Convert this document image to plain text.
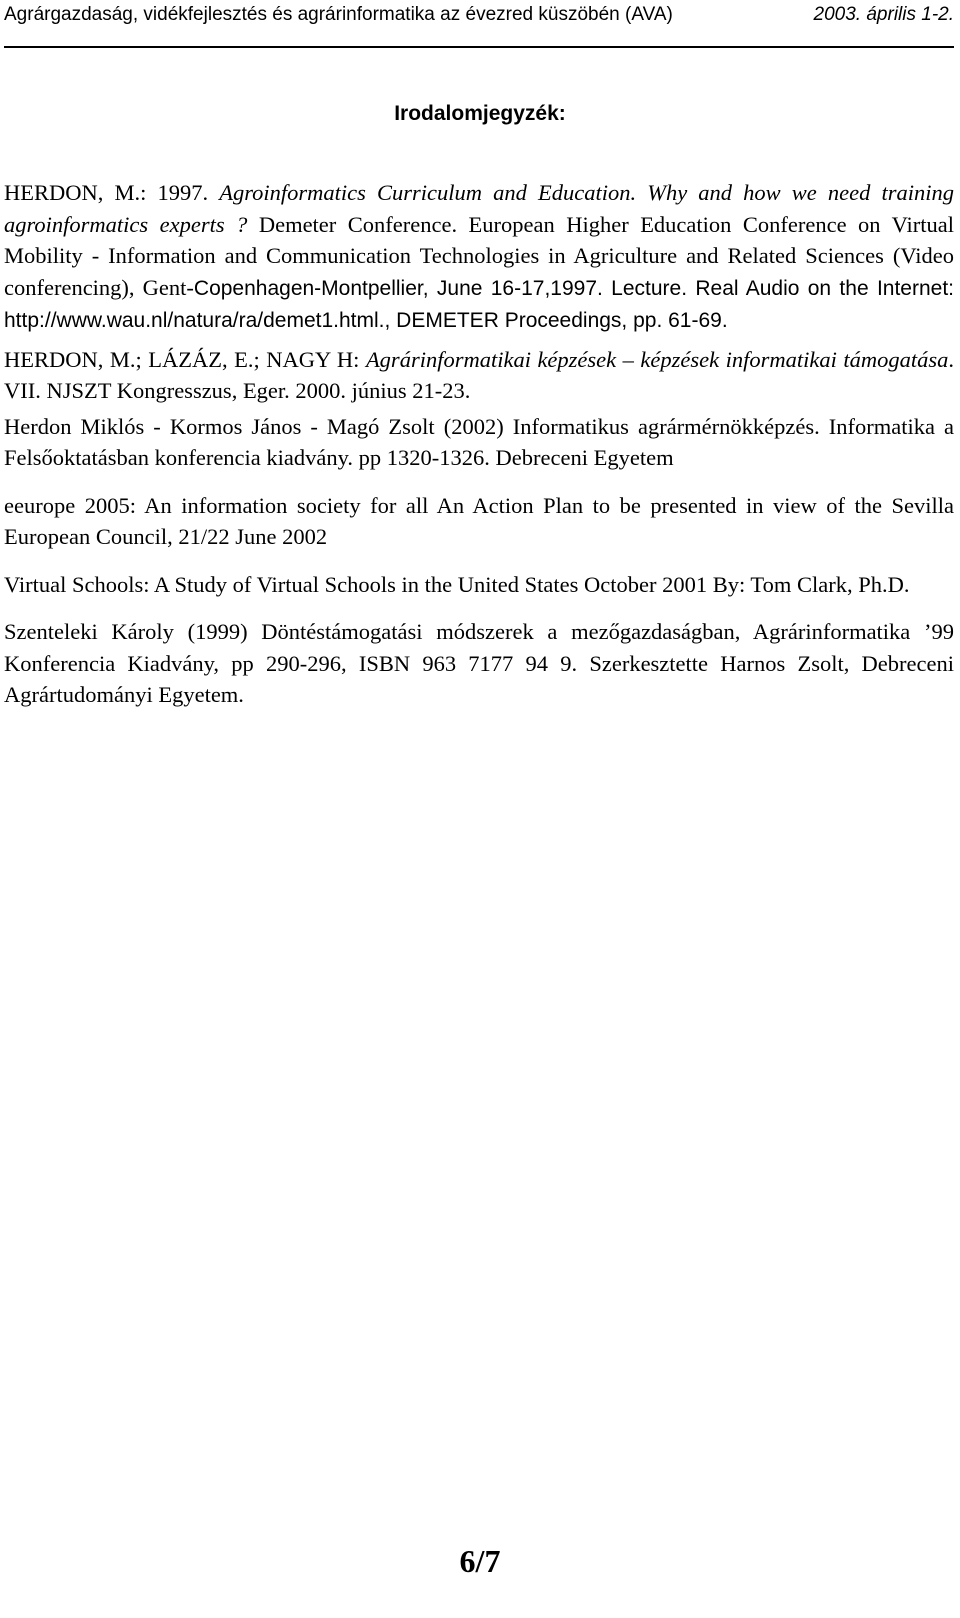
Agrárgazdaság, vidékfejlesztés és agrárinformatika az évezred küszöbén (AVA)	2003. április 1-2.
Irodalomjegyzék:

HERDON, M.: 1997. Agroinformatics Curriculum and Education. Why and how we need training agroinformatics experts ? Demeter Conference. European Higher Education Conference on Virtual Mobility - Information and Communication Technologies in Agriculture and Related Sciences (Video conferencing), Gent-Copenhagen-Montpellier, June 16-17,1997. Lecture. Real Audio on the Internet: http://www.wau.nl/natura/ra/demet1.html., DEMETER Proceedings, pp. 61-69.

HERDON, M.; LÁZÁZ, E.; NAGY H: Agrárinformatikai képzések – képzések informatikai támogatása. VII. NJSZT Kongresszus, Eger. 2000. június 21-23.

Herdon Miklós - Kormos János - Magó Zsolt (2002) Informatikus agrármérnökképzés. Informatika a Felsőoktatásban konferencia kiadvány. pp 1320-1326. Debreceni Egyetem

eeurope 2005: An information society for all An Action Plan to be presented in view of the Sevilla European Council, 21/22 June 2002

Virtual Schools: A Study of Virtual Schools in the United States October 2001 By: Tom Clark, Ph.D.

Szenteleki Károly (1999) Döntéstámogatási módszerek a mezőgazdaságban, Agrárinformatika ’99 Konferencia Kiadvány, pp 290-296, ISBN 963 7177 94 9. Szerkesztette Harnos Zsolt, Debreceni Agrártudományi Egyetem.

6/7
